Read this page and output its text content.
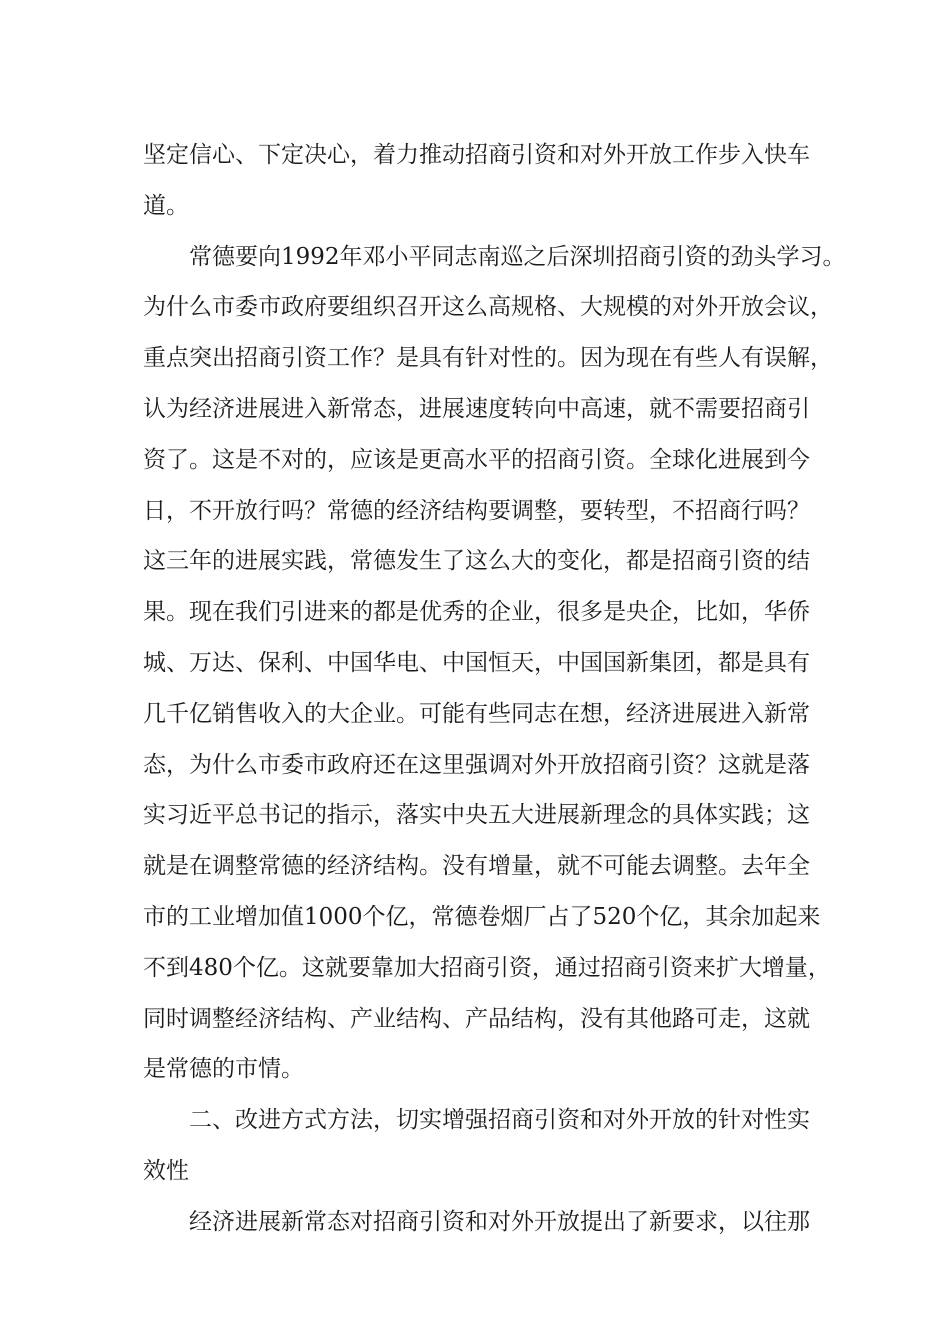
坚定信心、下定决心，着力推动招商引资和对外开放工作步入快车
道。
常德要向1992年邓小平同志南巡之后深圳招商引资的劲头学习。
为什么市委市政府要组织召开这么高规格、大规模的对外开放会议，
重点突出招商引资工作？是具有针对性的。因为现在有些人有误解，
认为经济进展进入新常态，进展速度转向中高速，就不需要招商引
资了。这是不对的，应该是更高水平的招商引资。全球化进展到今
日，不开放行吗？常德的经济结构要调整，要转型，不招商行吗？
这三年的进展实践，常德发生了这么大的变化，都是招商引资的结
果。现在我们引进来的都是优秀的企业，很多是央企，比如，华侨
城、万达、保利、中国华电、中国恒天，中国国新集团，都是具有
几千亿销售收入的大企业。可能有些同志在想，经济进展进入新常
态，为什么市委市政府还在这里强调对外开放招商引资？这就是落
实习近平总书记的指示，落实中央五大进展新理念的具体实践；这
就是在调整常德的经济结构。没有增量，就不可能去调整。去年全
市的工业增加值1000个亿，常德卷烟厂占了520个亿，其余加起来
不到480个亿。这就要靠加大招商引资，通过招商引资来扩大增量，
同时调整经济结构、产业结构、产品结构，没有其他路可走，这就
是常德的市情。
二、改进方式方法，切实增强招商引资和对外开放的针对性实
效性
经济进展新常态对招商引资和对外开放提出了新要求，以往那
